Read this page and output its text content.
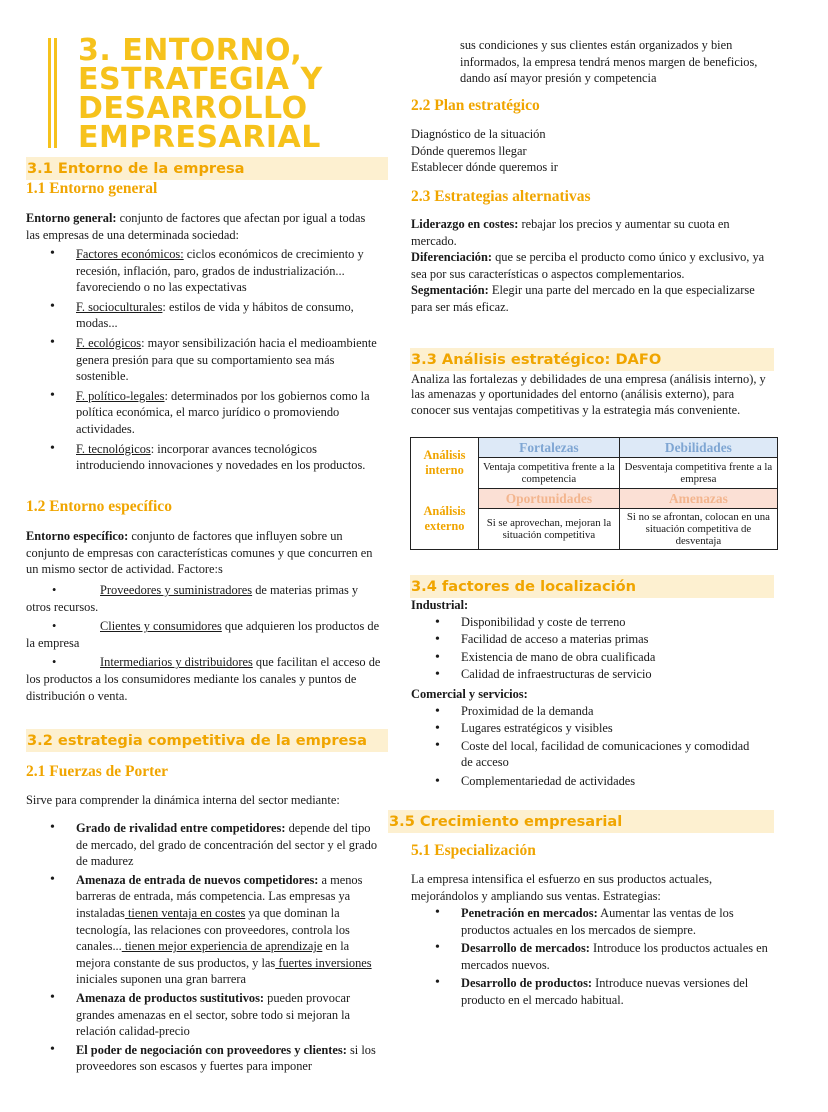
3. ENTORNO,
ESTRATEGIA Y
DESARROLLO
EMPRESARIAL
3.1 Entorno de la empresa
1.1 Entorno general

Entorno general: conjunto de factores que afectan por igual a todas las empresas de una determinada sociedad:

• Factores económicos: ciclos económicos de crecimiento y recesión, inflación, paro, grados de industrialización... favoreciendo o no las expectativas
• F. socioculturales: estilos de vida y hábitos de consumo, modas...
• F. ecológicos: mayor sensibilización hacia el medioambiente genera presión para que su comportamiento sea más sostenible.
• F. político-legales: determinados por los gobiernos como la política económica, el marco jurídico o promoviendo actividades.
• F. tecnológicos: incorporar avances tecnológicos introduciendo innovaciones y novedades en los productos.
1.2 Entorno específico

Entorno específico: conjunto de factores que influyen sobre un conjunto de empresas con características comunes y que concurren en un mismo sector de actividad. Factore:s

•	Proveedores y suministradores de materias primas y otros recursos.

•	Clientes y consumidores que adquieren los productos de la empresa

•	Intermediarios y distribuidores que facilitan el acceso de los productos a los consumidores mediante los canales y puntos de distribución o venta.

3.2 estrategia competitiva de la empresa
2.1 Fuerzas de Porter

Sirve para comprender la dinámica interna del sector mediante:

• Grado de rivalidad entre competidores: depende del tipo de mercado, del grado de concentración del sector y el grado de madurez
• Amenaza de entrada de nuevos competidores: a menos barreras de entrada, más competencia. Las empresas ya instaladas tienen ventaja en costes ya que dominan la tecnología, las relaciones con proveedores, controla los canales... tienen mejor experiencia de aprendizaje en la mejora constante de sus productos, y las fuertes inversiones iniciales suponen una gran barrera
• Amenaza de productos sustitutivos: pueden provocar grandes amenazas en el sector, sobre todo si mejoran la relación calidad-precio
• El poder de negociación con proveedores y clientes: si los proveedores son escasos y fuertes para imponer

sus condiciones y sus clientes están organizados y bien informados, la empresa tendrá menos margen de beneficios, dando así mayor presión y competencia

2.2 Plan estratégico

Diagnóstico de la situación

Dónde queremos llegar

Establecer dónde queremos ir

2.3 Estrategias alternativas

Liderazgo en costes: rebajar los precios y aumentar su cuota en mercado.

Diferenciación: que se perciba el producto como único y exclusivo, ya sea por sus características o aspectos complementarios.

Segmentación: Elegir una parte del mercado en la que especializarse para ser más eficaz.

3.3 Análisis estratégico: DAFO

Analiza las fortalezas y debilidades de una empresa (análisis interno), y las amenazas y oportunidades del entorno (análisis externo), para conocer sus ventajas competitivas y la estrategia más conveniente.

Análisis interno	Fortalezas	Debilidades
	Ventaja competitiva frente a la competencia	Desventaja competitiva frente a la empresa
Análisis externo	Oportunidades	Amenazas
	Si se aprovechan, mejoran la situación competitiva	Si no se afrontan, colocan en una situación competitiva de desventaja
3.4 factores de localización

Industrial:

• Disponibilidad y coste de terreno
• Facilidad de acceso a materias primas
• Existencia de mano de obra cualificada
• Calidad de infraestructuras de servicio

Comercial y servicios:

• Proximidad de la demanda
• Lugares estratégicos y visibles
• Coste del local, facilidad de comunicaciones y comodidad de acceso
• Complementariedad de actividades
3.5 Crecimiento empresarial
5.1 Especialización

La empresa intensifica el esfuerzo en sus productos actuales, mejorándolos y ampliando sus ventas. Estrategias:

• Penetración en mercados: Aumentar las ventas de los productos actuales en los mercados de siempre.
• Desarrollo de mercados: Introduce los productos actuales en mercados nuevos.
• Desarrollo de productos: Introduce nuevas versiones del producto en el mercado habitual.
